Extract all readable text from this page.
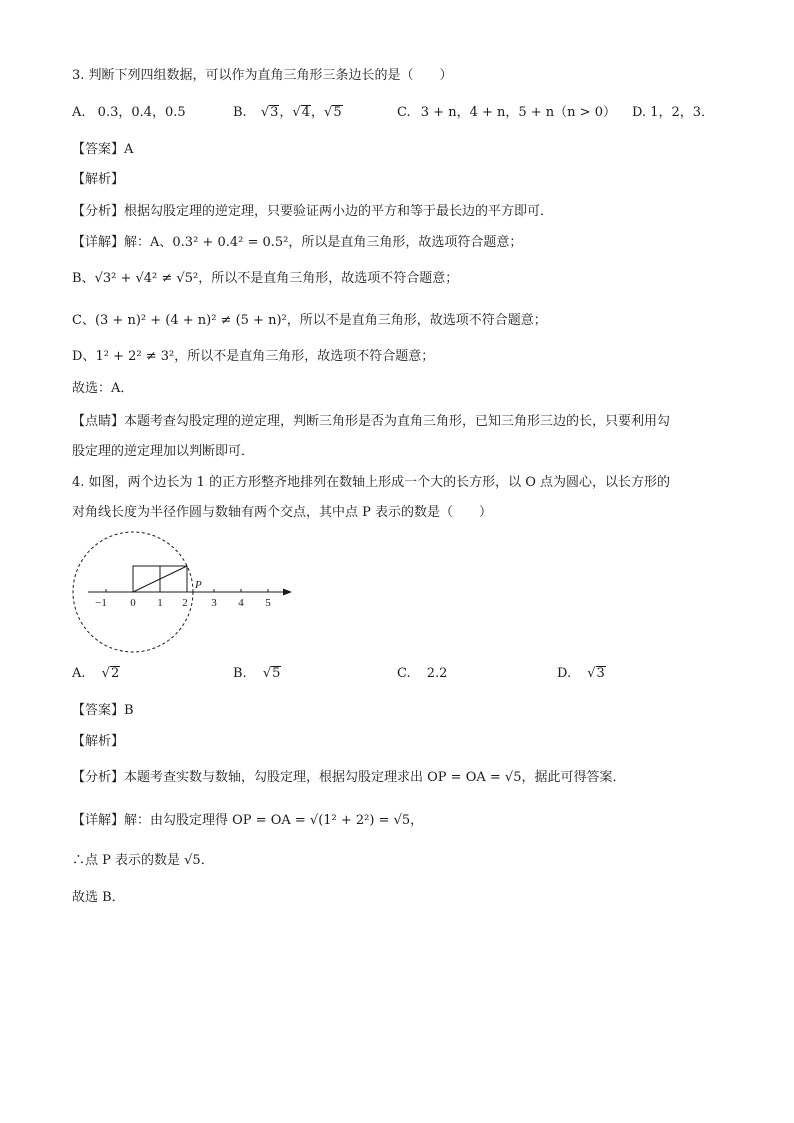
3. 判断下列四组数据，可以作为直角三角形三条边长的是（　　）
A. 0.3，0.4，0.5	B. √3，√4，√5	C. 3 + n，4 + n，5 + n（n > 0） D. 1，2，3．
【答案】A
【解析】
【分析】根据勾股定理的逆定理，只要验证两小边的平方和等于最长边的平方即可．
【详解】解：A、0.3² + 0.4² = 0.5²，所以是直角三角形，故选项符合题意；
B、√3² + √4² ≠ √5²，所以不是直角三角形，故选项不符合题意；
C、(3 + n)² + (4 + n)² ≠ (5 + n)²，所以不是直角三角形，故选项不符合题意；
D、1² + 2² ≠ 3²，所以不是直角三角形，故选项不符合题意；
故选：A．
【点睛】本题考查勾股定理的逆定理，判断三角形是否为直角三角形，已知三角形三边的长，只要利用勾
股定理的逆定理加以判断即可．
4. 如图，两个边长为 1 的正方形整齐地排列在数轴上形成一个大的长方形，以 O 点为圆心，以长方形的
对角线长度为半径作圆与数轴有两个交点，其中点 P 表示的数是（　　）
−1 0 1 2 3 4 5
P
A. √2	B. √5	C. 2.2	D. √3
【答案】B
【解析】
【分析】本题考查实数与数轴，勾股定理，根据勾股定理求出 OP = OA = √5，据此可得答案．
【详解】解：由勾股定理得 OP = OA = √(1² + 2²) = √5，
∴点 P 表示的数是 √5．
故选 B．
